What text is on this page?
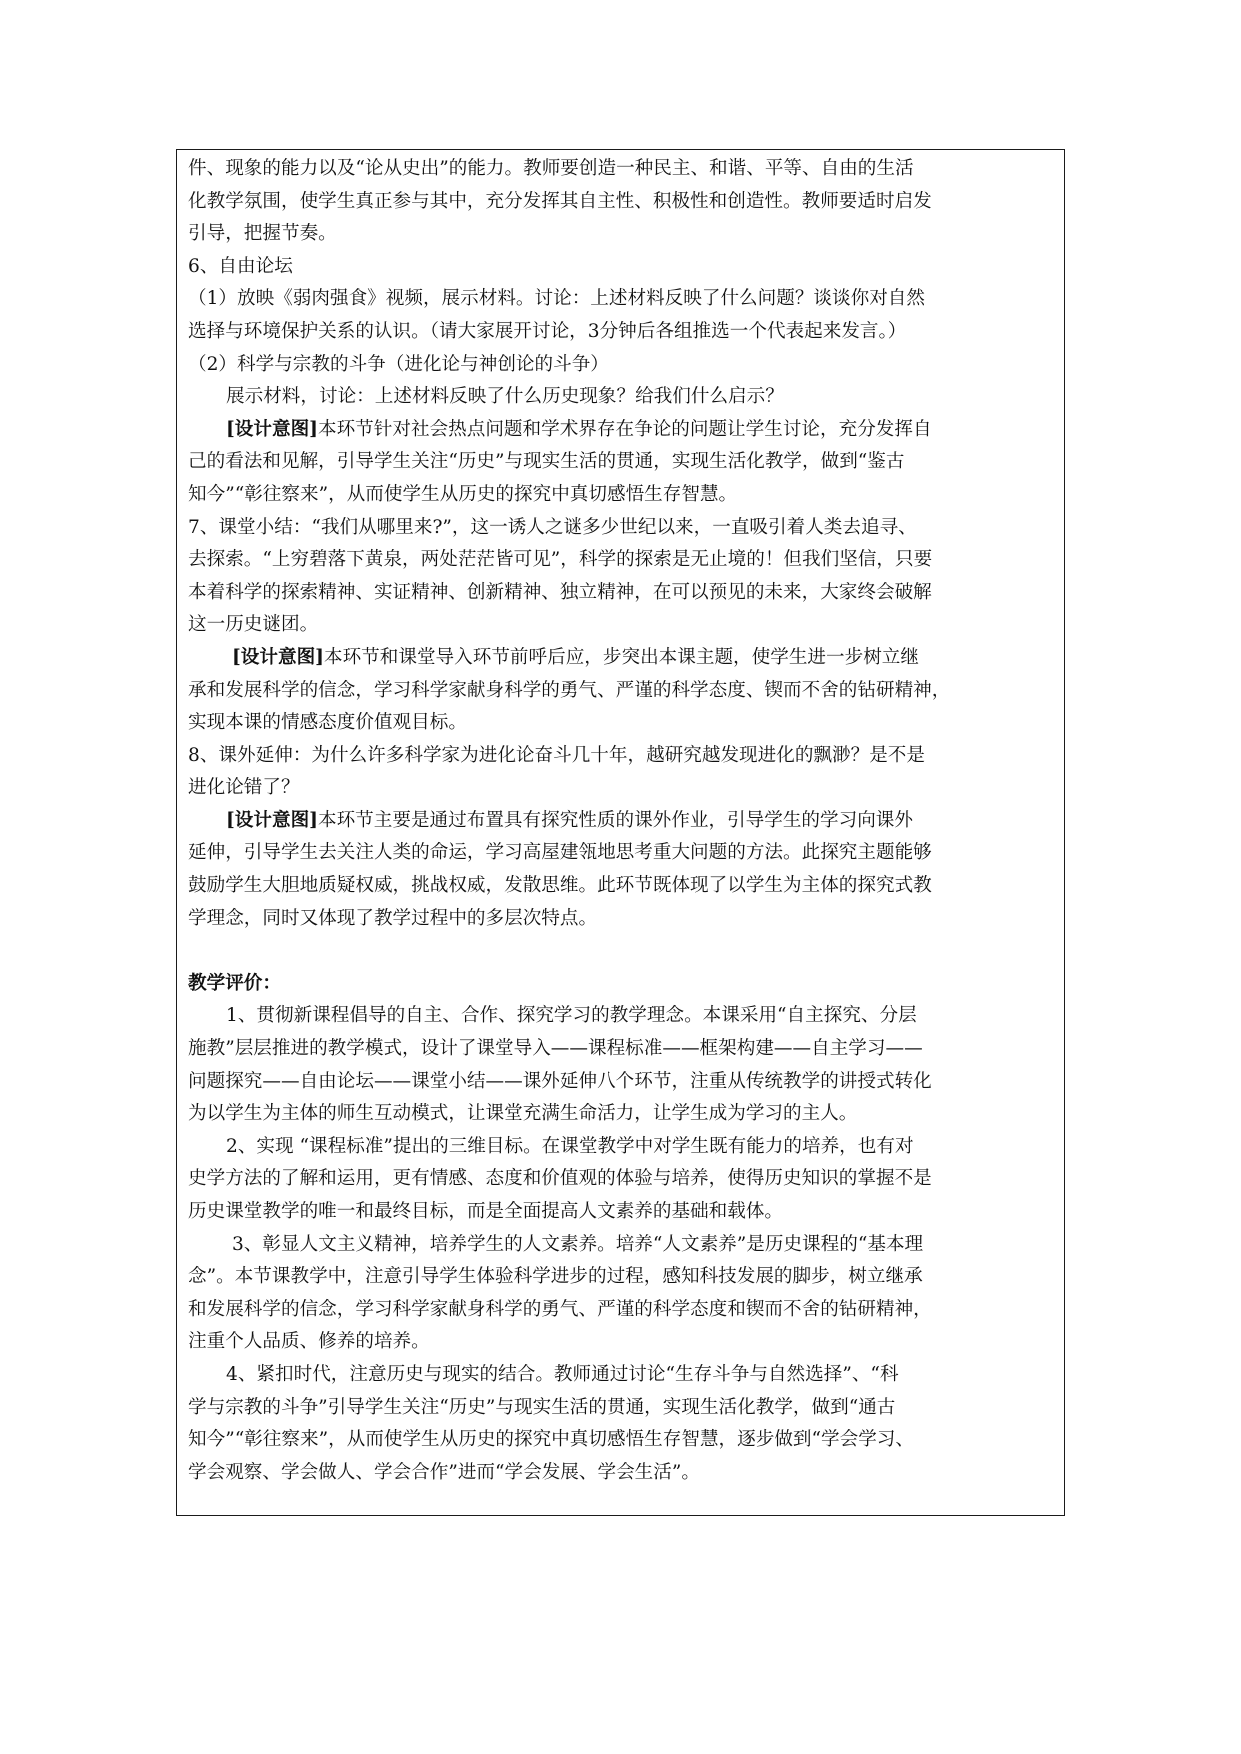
件、现象的能力以及“论从史出”的能力。教师要创造一种民主、和谐、平等、自由的生活
化教学氛围，使学生真正参与其中，充分发挥其自主性、积极性和创造性。教师要适时启发
引导，把握节奏。
6、自由论坛
（1）放映《弱肉强食》视频，展示材料。讨论：上述材料反映了什么问题？谈谈你对自然
选择与环境保护关系的认识。（请大家展开讨论，3分钟后各组推选一个代表起来发言。）
（2）科学与宗教的斗争（进化论与神创论的斗争）
展示材料，讨论：上述材料反映了什么历史现象？给我们什么启示？
[设计意图]本环节针对社会热点问题和学术界存在争论的问题让学生讨论，充分发挥自
己的看法和见解，引导学生关注“历史”与现实生活的贯通，实现生活化教学，做到“鉴古
知今”“彰往察来”，从而使学生从历史的探究中真切感悟生存智慧。
7、课堂小结：“我们从哪里来?”，这一诱人之谜多少世纪以来，一直吸引着人类去追寻、
去探索。“上穷碧落下黄泉，两处茫茫皆可见”，科学的探索是无止境的！但我们坚信，只要
本着科学的探索精神、实证精神、创新精神、独立精神，在可以预见的未来，大家终会破解
这一历史谜团。
[设计意图]本环节和课堂导入环节前呼后应，步突出本课主题，使学生进一步树立继
承和发展科学的信念，学习科学家献身科学的勇气、严谨的科学态度、锲而不舍的钻研精神，
实现本课的情感态度价值观目标。
8、课外延伸：为什么许多科学家为进化论奋斗几十年，越研究越发现进化的飘渺？是不是
进化论错了？
[设计意图]本环节主要是通过布置具有探究性质的课外作业，引导学生的学习向课外
延伸，引导学生去关注人类的命运，学习高屋建瓴地思考重大问题的方法。此探究主题能够
鼓励学生大胆地质疑权威，挑战权威，发散思维。此环节既体现了以学生为主体的探究式教
学理念，同时又体现了教学过程中的多层次特点。
教学评价：
1、贯彻新课程倡导的自主、合作、探究学习的教学理念。本课采用“自主探究、分层
施教”层层推进的教学模式，设计了课堂导入——课程标准——框架构建——自主学习——
问题探究——自由论坛——课堂小结——课外延伸八个环节，注重从传统教学的讲授式转化
为以学生为主体的师生互动模式，让课堂充满生命活力，让学生成为学习的主人。
2、实现 “课程标准”提出的三维目标。在课堂教学中对学生既有能力的培养，也有对
史学方法的了解和运用，更有情感、态度和价值观的体验与培养，使得历史知识的掌握不是
历史课堂教学的唯一和最终目标，而是全面提高人文素养的基础和载体。
3、彰显人文主义精神，培养学生的人文素养。培养“人文素养”是历史课程的“基本理
念”。本节课教学中，注意引导学生体验科学进步的过程，感知科技发展的脚步，树立继承
和发展科学的信念，学习科学家献身科学的勇气、严谨的科学态度和锲而不舍的钻研精神，
注重个人品质、修养的培养。
4、紧扣时代，注意历史与现实的结合。教师通过讨论“生存斗争与自然选择”、“科
学与宗教的斗争”引导学生关注“历史”与现实生活的贯通，实现生活化教学，做到“通古
知今”“彰往察来”，从而使学生从历史的探究中真切感悟生存智慧，逐步做到“学会学习、
学会观察、学会做人、学会合作”进而“学会发展、学会生活”。
